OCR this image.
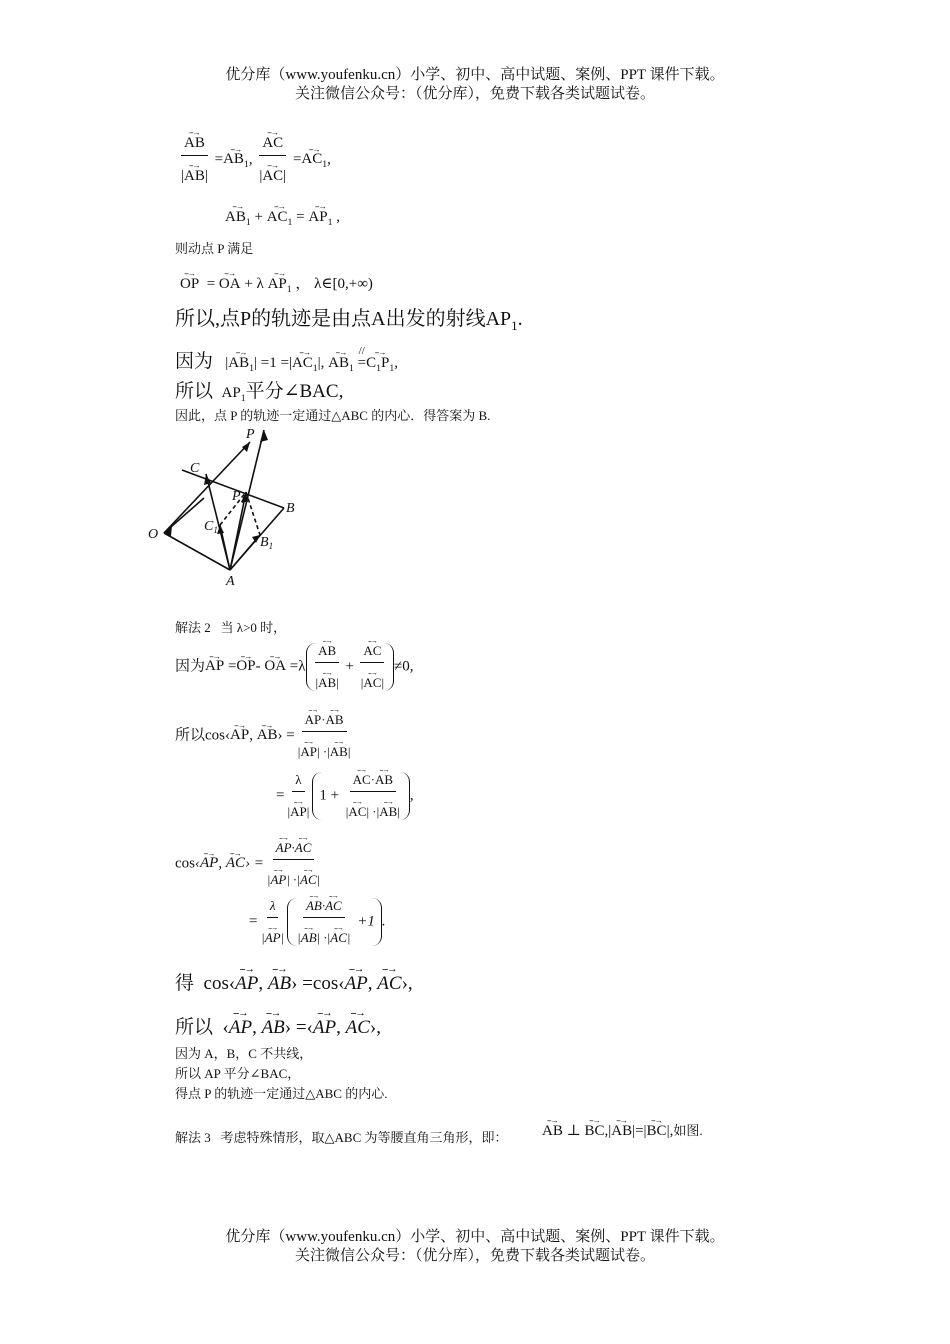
优分库（www.youfenku.cn）小学、初中、高中试题、案例、PPT 课件下载。
关注微信公众号：（优分库），免费下载各类试题试卷。
--→ $\frac{AB}{|--\to AB|}$ =--→ $AB_1$, --→ $\frac{AC}{|--\to AC|}$ =--→ $AC_1$,
--→ $AB_1$ + --→ $AC_1$ = --→ $AP_1$ ,
则动点 P 满足
--→ OP  = --→ OA + λ --→ $AP_1$ ， λ∈[0,+∞)
所以,点P的轨迹是由点A出发的射线$AP_1$.
因为   |--→ $AB_1| =1$ =|--→ $AC_1|$, --→ $AB_1$
//
=--→ $C_1P_1$,
所以  $AP_1$平分∠BAC,
因此，点 P 的轨迹一定通过△ABC 的内心．得答案为 B.
P
C
$P_1$
B
O
$C_1$
$B_1$
A
解法 2 当 λ>0 时，
因为--→ AP =--→ OP- --→ OA =λ --→ $\frac{AB}{|--\to AB|}$ + --→ $\frac{AC}{|--\to AC|} \ne 0$,
所以cos‹--→ AP, --→ AB› = --→ $\frac{AP\cdot--\to AB}{|--\to AP| \cdot|--\to AB|}$
= $\frac{\lambda}{|--\to AP|} 1$ + --→ $\frac{AC\cdot--\to AB}{|--\to AC| \cdot|--\to AB|}$ ,
cos‹--→ AP, --→ AC› = --→ $\frac{AP\cdot--\to AC}{|--\to AP| \cdot|--\to AC|}$
= $\frac{\lambda}{|--\to AP|}$ --→ $\frac{AB\cdot--\to AC}{|--\to AB| \cdot|--\to AC|} +1$ .
得  cos‹--→ AP, --→ AB› =cos‹--→ AP, --→ AC›,
所以  ‹--→ AP, --→ AB› =‹--→ AP, --→ AC›,
因为 A，B，C 不共线，
所以 AP 平分∠BAC，
得点 P 的轨迹一定通过△ABC 的内心.
解法 3 考虑特殊情形，取△ABC 为等腰直角三角形，即： --→ AB ⊥ --→ BC,|--→ AB|=|--→ BC|,如图.
优分库（www.youfenku.cn）小学、初中、高中试题、案例、PPT 课件下载。
关注微信公众号：（优分库），免费下载各类试题试卷。
